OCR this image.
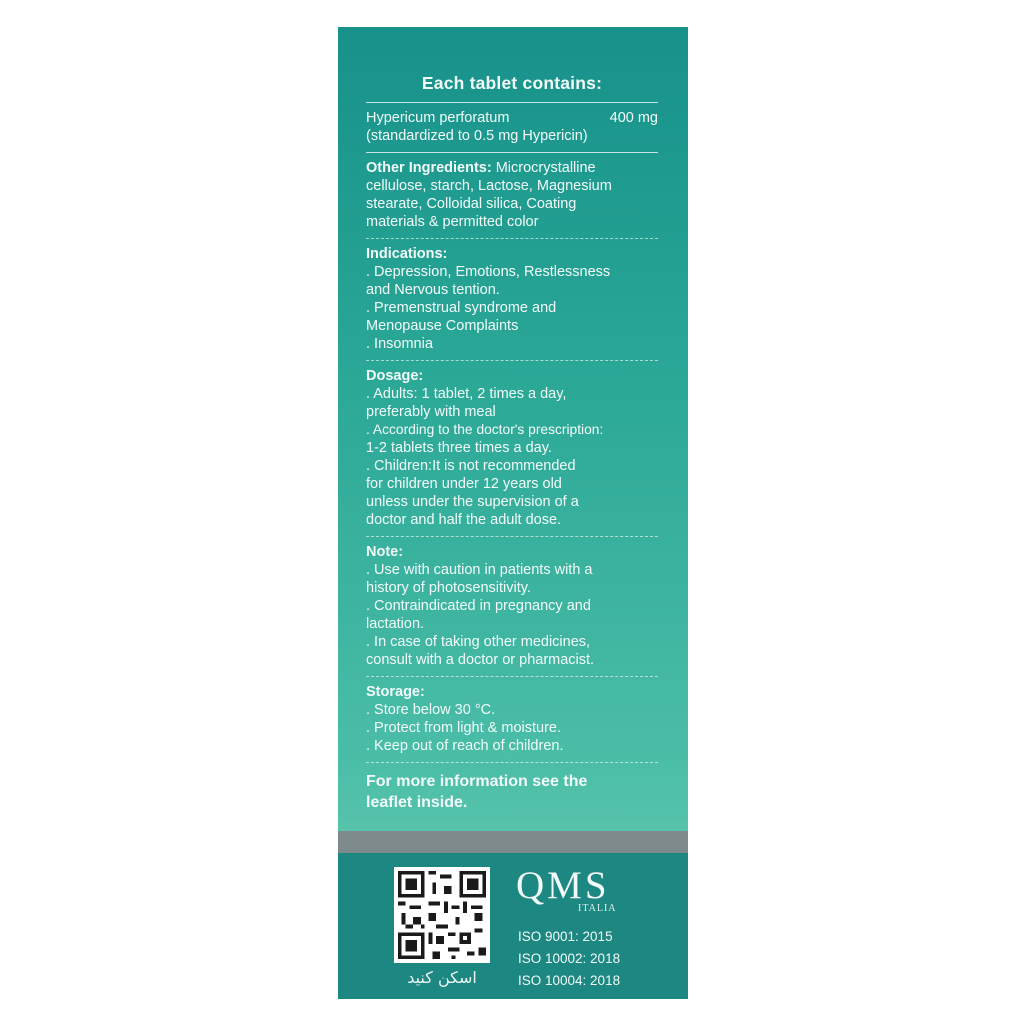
Each tablet contains:
Hypericum perforatum	400 mg
(standardized to 0.5 mg Hypericin)
Other Ingredients: Microcrystalline
cellulose, starch, Lactose, Magnesium
stearate, Colloidal silica, Coating
materials & permitted color
Indications:
. Depression, Emotions, Restlessness
and Nervous tention.
. Premenstrual syndrome and
Menopause Complaints
. Insomnia
Dosage:
. Adults: 1 tablet, 2 times a day,
preferably with meal
. According to the doctor's prescription:
1-2 tablets three times a day.
. Children:It is not recommended
for children under 12 years old
unless under the supervision of a
doctor and half the adult dose.
Note:
. Use with caution in patients with a
history of photosensitivity.
. Contraindicated in pregnancy and
lactation.
. In case of taking other medicines,
consult with a doctor or pharmacist.
Storage:
. Store below 30 °C.
. Protect from light & moisture.
. Keep out of reach of children.
For more information see the
leaflet inside.
اسکن کنید
QMS
ITALIA
ISO 9001: 2015
ISO 10002: 2018
ISO 10004: 2018
